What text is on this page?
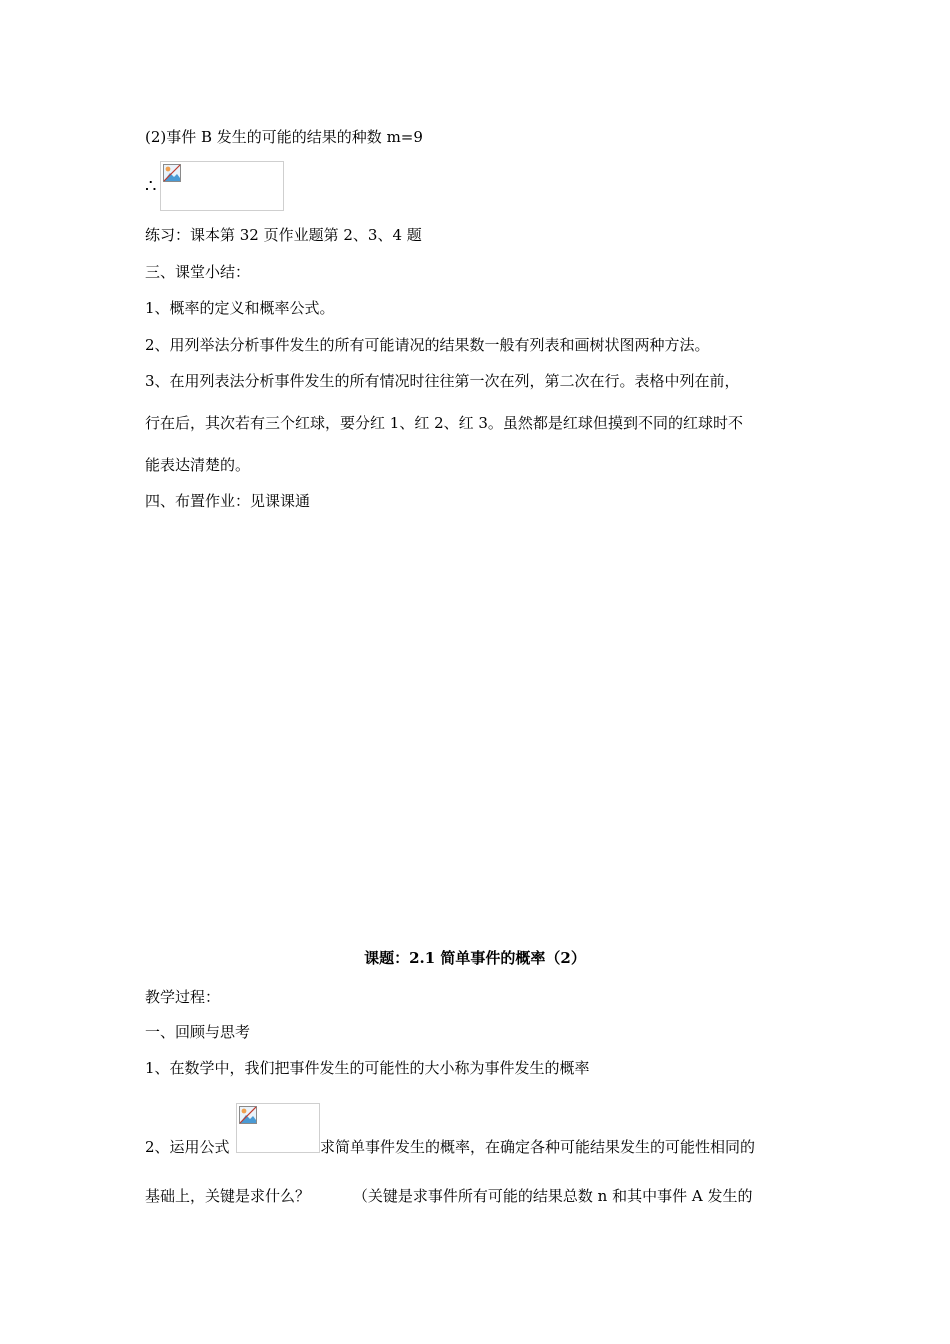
(2)事件 B 发生的可能的结果的种数 m=9
∴
练习：课本第 32 页作业题第 2、3、4 题
三、课堂小结：
1、概率的定义和概率公式。
2、用列举法分析事件发生的所有可能请况的结果数一般有列表和画树状图两种方法。
3、在用列表法分析事件发生的所有情况时往往第一次在列，第二次在行。表格中列在前，
行在后，其次若有三个红球，要分红 1、红 2、红 3。虽然都是红球但摸到不同的红球时不
能表达清楚的。
四、布置作业：见课课通
课题：2.1 简单事件的概率（2）
教学过程：
一、回顾与思考
1、在数学中，我们把事件发生的可能性的大小称为事件发生的概率
2、运用公式	求简单事件发生的概率，在确定各种可能结果发生的可能性相同的
基础上，关键是求什么？         （关键是求事件所有可能的结果总数 n 和其中事件 A 发生的
